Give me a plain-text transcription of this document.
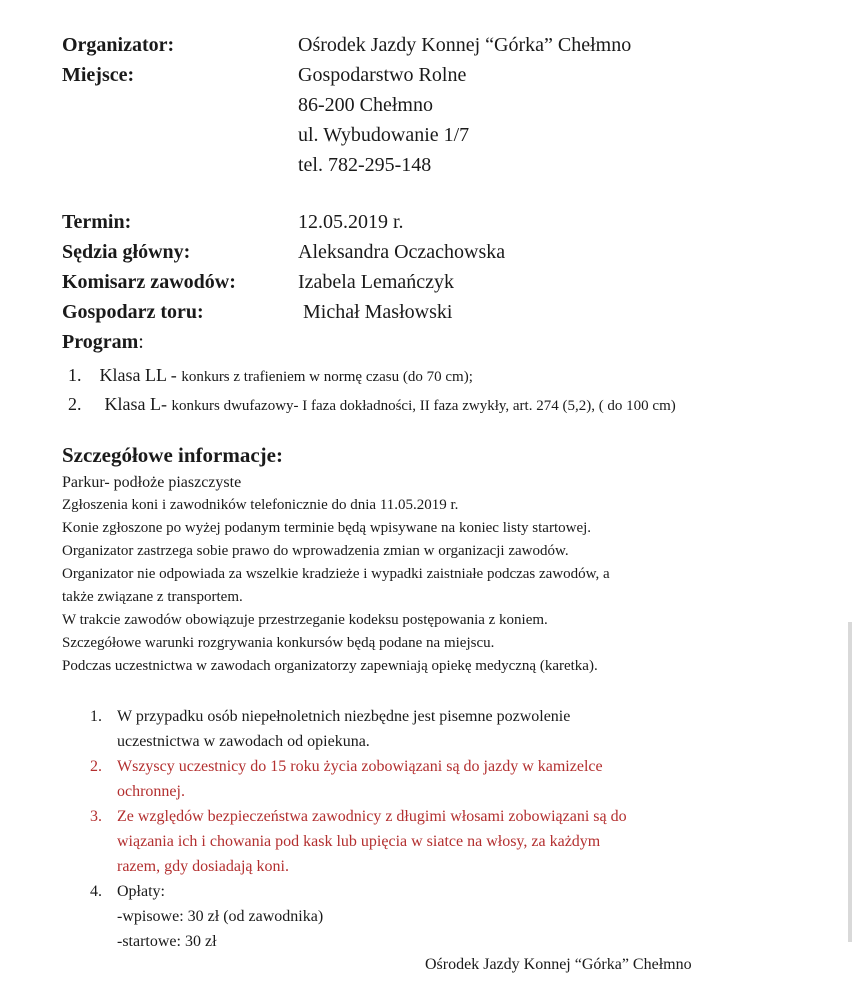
Organizator:	Ośrodek Jazdy Konnej “Górka” Chełmno
Miejsce:	Gospodarstwo Rolne
86-200 Chełmno
ul. Wybudowanie 1/7
tel. 782-295-148
Termin:	12.05.2019 r.
Sędzia główny:	Aleksandra Oczachowska
Komisarz zawodów:	Izabela Lemańczyk
Gospodarz toru:	Michał Masłowski
Program:
1. Klasa LL - konkurs z trafieniem w normę czasu (do 70 cm);
2. Klasa L- konkurs dwufazowy- I faza dokładności, II faza zwykły, art. 274 (5,2), ( do 100 cm)
Szczegółowe informacje:
Parkur- podłoże piaszczyste
Zgłoszenia koni i zawodników telefonicznie do dnia 11.05.2019 r.
Konie zgłoszone po wyżej podanym terminie będą wpisywane na koniec listy startowej.
Organizator zastrzega sobie prawo do wprowadzenia zmian w organizacji zawodów.
Organizator nie odpowiada za wszelkie kradzieże i wypadki zaistniałe podczas zawodów, a
także związane z transportem.
W trakcie zawodów obowiązuje przestrzeganie kodeksu postępowania z koniem.
Szczegółowe warunki rozgrywania konkursów będą podane na miejscu.
Podczas uczestnictwa w zawodach organizatorzy zapewniają opiekę medyczną (karetka).
1. W przypadku osób niepełnoletnich niezbędne jest pisemne pozwolenie
uczestnictwa w zawodach od opiekuna.
2. Wszyscy uczestnicy do 15 roku życia zobowiązani są do jazdy w kamizelce
ochronnej.
3. Ze względów bezpieczeństwa zawodnicy z długimi włosami zobowiązani są do
wiązania ich i chowania pod kask lub upięcia w siatce na włosy, za każdym
razem, gdy dosiadają koni.
4. Opłaty:
-wpisowe: 30 zł (od zawodnika)
-startowe: 30 zł
Ośrodek Jazdy Konnej “Górka” Chełmno
